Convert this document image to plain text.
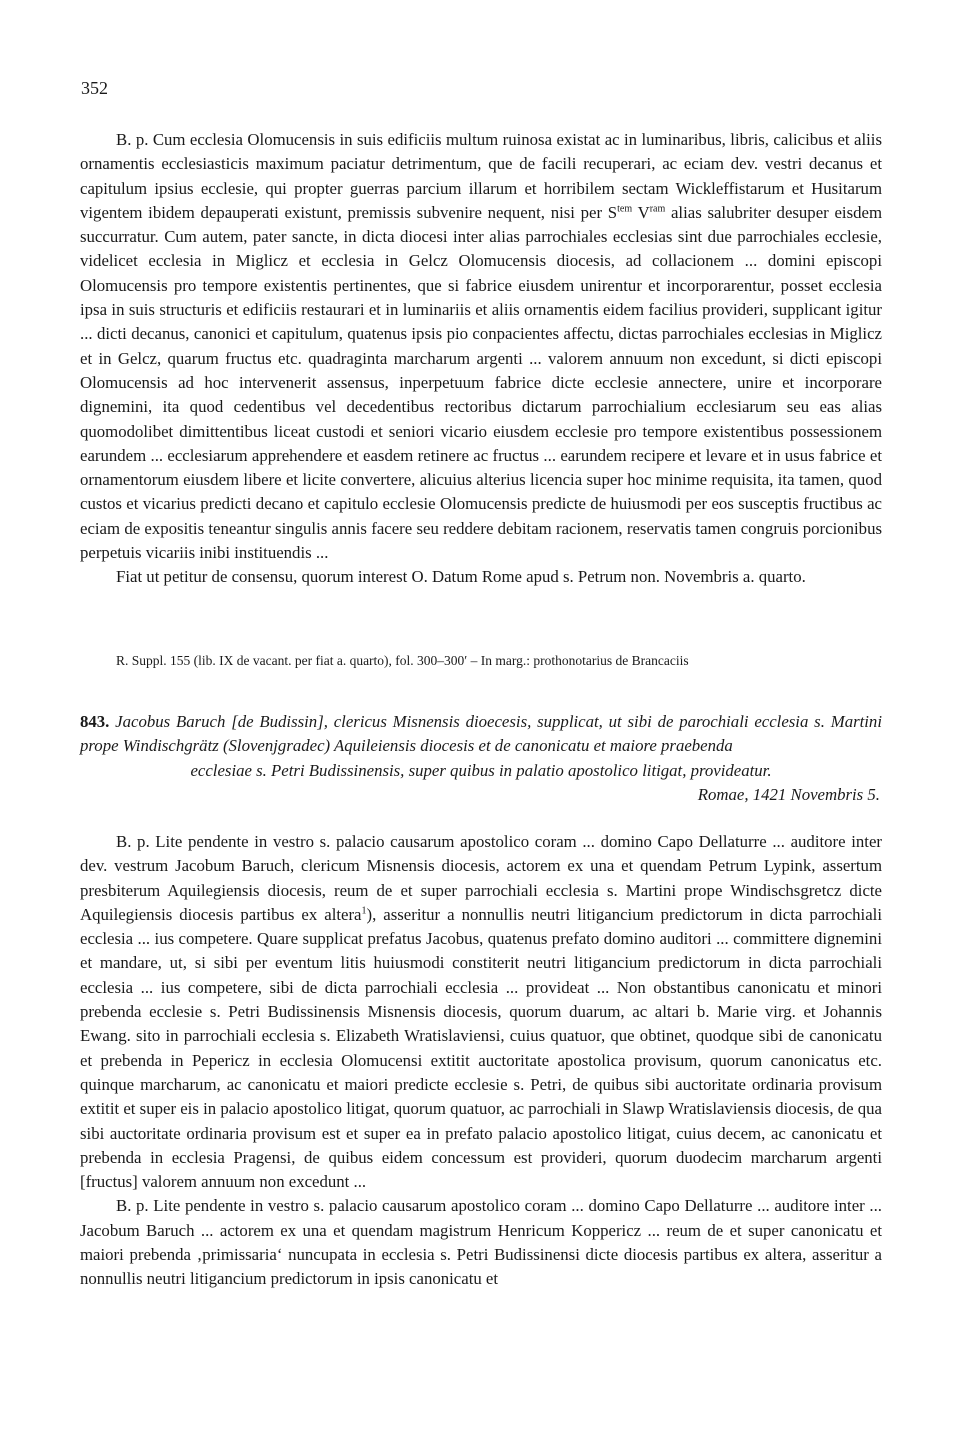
352

B. p. Cum ecclesia Olomucensis in suis edificiis multum ruinosa existat ac in luminaribus, libris, calicibus et aliis ornamentis ecclesiasticis maximum paciatur detrimentum, que de facili recuperari, ac eciam dev. vestri decanus et capitulum ipsius ecclesie, qui propter guerras parcium illarum et horribilem sectam Wickleffistarum et Husitarum vigentem ibidem depauperati existunt, premissis subvenire nequent, nisi per $S^{tem}$ $V^{ram}$ alias salubriter desuper eisdem succurratur. Cum autem, pater sancte, in dicta diocesi inter alias parrochiales ecclesias sint due parrochiales ecclesie, videlicet ecclesia in Miglicz et ecclesia in Gelcz Olomucensis diocesis, ad collacionem ... domini episcopi Olomucensis pro tempore existentis pertinentes, que si fabrice eiusdem unirentur et incorporarentur, posset ecclesia ipsa in suis structuris et edificiis restaurari et in luminariis et aliis ornamentis eidem facilius provideri, supplicant igitur ... dicti decanus, canonici et capitulum, quatenus ipsis pio conpacientes affectu, dictas parrochiales ecclesias in Miglicz et in Gelcz, quarum fructus etc. quadraginta marcharum argenti ... valorem annuum non excedunt, si dicti episcopi Olomucensis ad hoc intervenerit assensus, inperpetuum fabrice dicte ecclesie annectere, unire et incorporare dignemini, ita quod cedentibus vel decedentibus rectoribus dictarum parrochialium ecclesiarum seu eas alias quomodolibet dimittentibus liceat custodi et seniori vicario eiusdem ecclesie pro tempore existentibus possessionem earundem ... ecclesiarum apprehendere et easdem retinere ac fructus ... earundem recipere et levare et in usus fabrice et ornamentorum eiusdem libere et licite convertere, alicuius alterius licencia super hoc minime requisita, ita tamen, quod custos et vicarius predicti decano et capitulo ecclesie Olomucensis predicte de huiusmodi per eos susceptis fructibus ac eciam de expositis teneantur singulis annis facere seu reddere debitam racionem, reservatis tamen congruis porcionibus perpetuis vicariis inibi instituendis ...

Fiat ut petitur de consensu, quorum interest O. Datum Rome apud s. Petrum non. Novembris a. quarto.

R. Suppl. 155 (lib. IX de vacant. per fiat a. quarto), fol. 300–300′ – In marg.: prothonotarius de Brancaciis
843. Jacobus Baruch [de Budissin], clericus Misnensis dioecesis, supplicat, ut sibi de parochiali ecclesia s. Martini prope Windischgrätz (Slovenjgradec) Aquileiensis diocesis et de canonicatu et maiore praebenda
ecclesiae s. Petri Budissinensis, super quibus in palatio apostolico litigat, provideatur.
Romae, 1421 Novembris 5.

B. p. Lite pendente in vestro s. palacio causarum apostolico coram ... domino Capo Dellaturre ... auditore inter dev. vestrum Jacobum Baruch, clericum Misnensis diocesis, actorem ex una et quendam Petrum Lypink, assertum presbiterum Aquilegiensis diocesis, reum de et super parrochiali ecclesia s. Martini prope Windischsgretcz dicte Aquilegiensis diocesis partibus ex altera$^1$), asseritur a nonnullis neutri litigancium predictorum in dicta parrochiali ecclesia ... ius competere. Quare supplicat prefatus Jacobus, quatenus prefato domino auditori ... committere dignemini et mandare, ut, si sibi per eventum litis huiusmodi constiterit neutri litigancium predictorum in dicta parrochiali ecclesia ... ius competere, sibi de dicta parrochiali ecclesia ... provideat ... Non obstantibus canonicatu et minori prebenda ecclesie s. Petri Budissinensis Misnensis diocesis, quorum duarum, ac altari b. Marie virg. et Johannis Ewang. sito in parrochiali ecclesia s. Elizabeth Wratislaviensi, cuius quatuor, que obtinet, quodque sibi de canonicatu et prebenda in Pepericz in ecclesia Olomucensi extitit auctoritate apostolica provisum, quorum canonicatus etc. quinque marcharum, ac canonicatu et maiori predicte ecclesie s. Petri, de quibus sibi auctoritate ordinaria provisum extitit et super eis in palacio apostolico litigat, quorum quatuor, ac parrochiali in Slawp Wratislaviensis diocesis, de qua sibi auctoritate ordinaria provisum est et super ea in prefato palacio apostolico litigat, cuius decem, ac canonicatu et prebenda in ecclesia Pragensi, de quibus eidem concessum est provideri, quorum duodecim marcharum argenti [fructus] valorem annuum non excedunt ...

B. p. Lite pendente in vestro s. palacio causarum apostolico coram ... domino Capo Dellaturre ... auditore inter ... Jacobum Baruch ... actorem ex una et quendam magistrum Henricum Koppericz ... reum de et super canonicatu et maiori prebenda ‚primissaria‘ nuncupata in ecclesia s. Petri Budissinensi dicte diocesis partibus ex altera, asseritur a nonnullis neutri litigancium predictorum in ipsis canonicatu et
